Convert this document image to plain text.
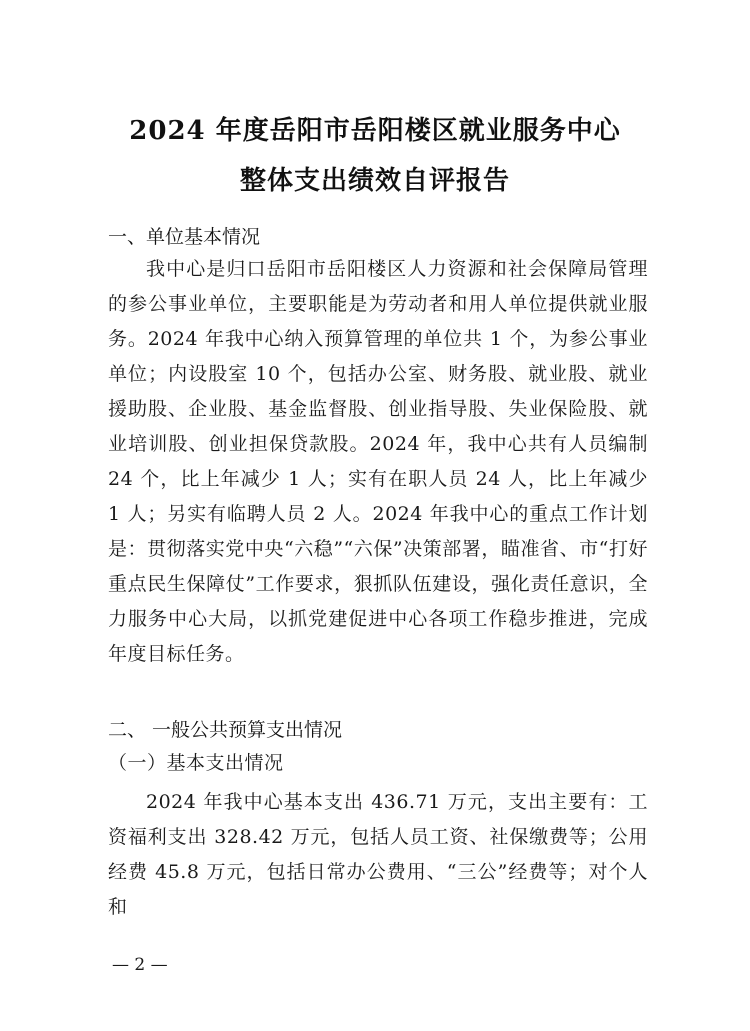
2024 年度岳阳市岳阳楼区就业服务中心
整体支出绩效自评报告
一、单位基本情况

我中心是归口岳阳市岳阳楼区人力资源和社会保障局管理的参公事业单位，主要职能是为劳动者和用人单位提供就业服务。2024 年我中心纳入预算管理的单位共 1 个，为参公事业单位；内设股室 10 个，包括办公室、财务股、就业股、就业援助股、企业股、基金监督股、创业指导股、失业保险股、就业培训股、创业担保贷款股。2024 年，我中心共有人员编制 24 个，比上年减少 1 人；实有在职人员 24 人，比上年减少 1 人；另实有临聘人员 2 人。2024 年我中心的重点工作计划是：贯彻落实党中央“六稳”“六保”决策部署，瞄准省、市“打好重点民生保障仗”工作要求，狠抓队伍建设，强化责任意识，全力服务中心大局，以抓党建促进中心各项工作稳步推进，完成年度目标任务。

二、 一般公共预算支出情况
（一）基本支出情况

2024 年我中心基本支出 436.71 万元，支出主要有：工资福利支出 328.42 万元，包括人员工资、社保缴费等；公用经费 45.8 万元，包括日常办公费用、“三公”经费等；对个人和

— 2 —
